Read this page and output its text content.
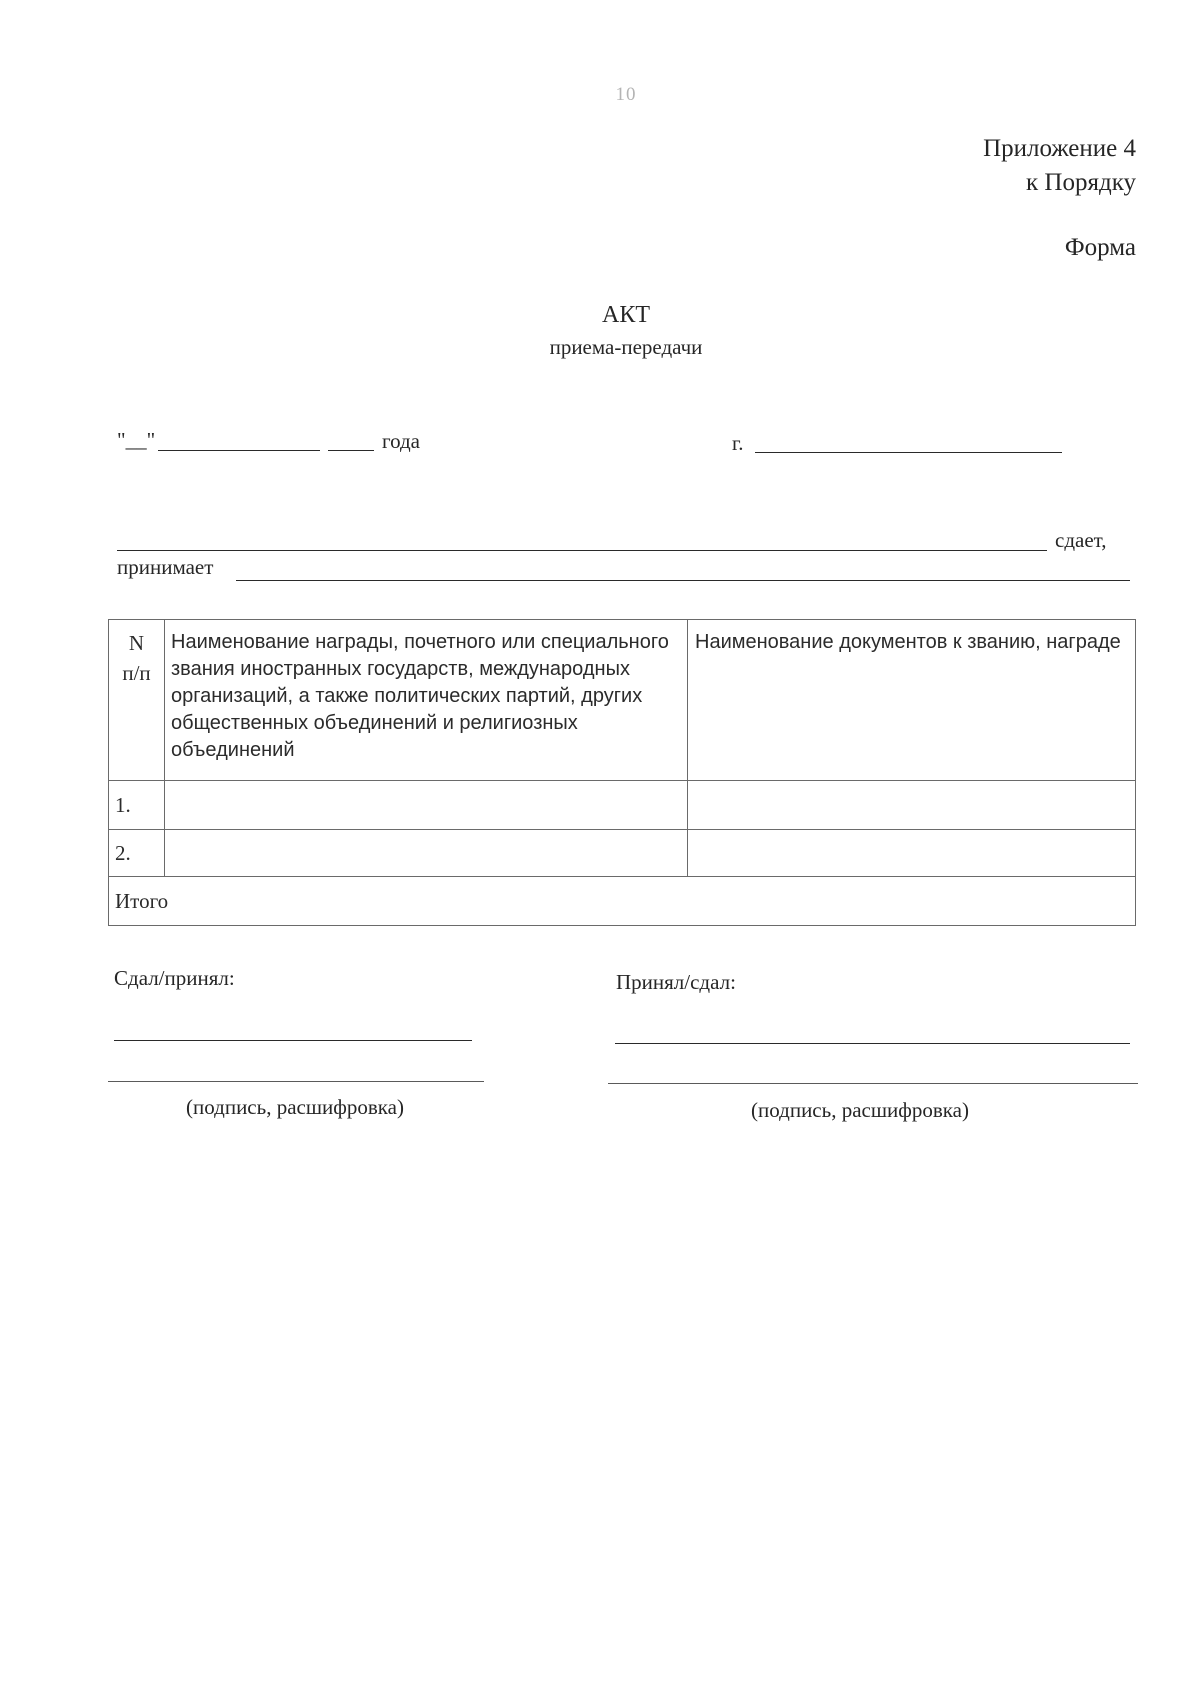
10
Приложение 4
к Порядку
Форма
АКТ
приема-передачи
"__"	года	г.
сдает,
принимает
N п/п	Наименование награды, почетного или специального звания иностранных государств, международных организаций, а также политических партий, других общественных объединений и религиозных объединений	Наименование документов к званию, награде
1.		
2.		
Итого		
Сдал/принял:	Принял/сдал:
(подпись, расшифровка)	(подпись, расшифровка)
